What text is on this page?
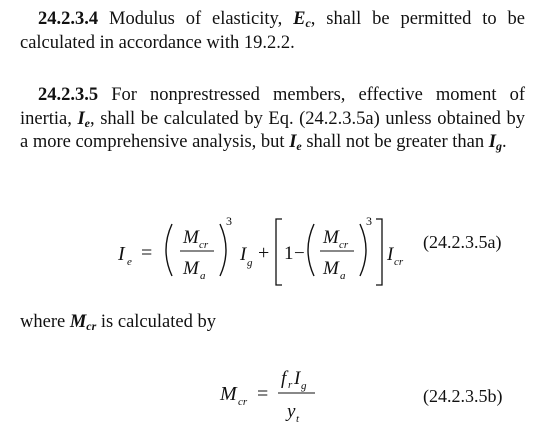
24.2.3.4 Modulus of elasticity, $E_c$, shall be permitted to be calculated in accordance with 19.2.2.
24.2.3.5 For nonprestressed members, effective moment of inertia, $I_e$, shall be calculated by Eq. (24.2.3.5a) unless obtained by a more comprehensive analysis, but $I_e$ shall not be greater than $I_g$.
I e =
M cr
M a
3
I g + 1 −
M cr
M a
3
I cr
(24.2.3.5a)
where $M_{cr}$ is calculated by
M cr =
f r I g
y t
(24.2.3.5b)
